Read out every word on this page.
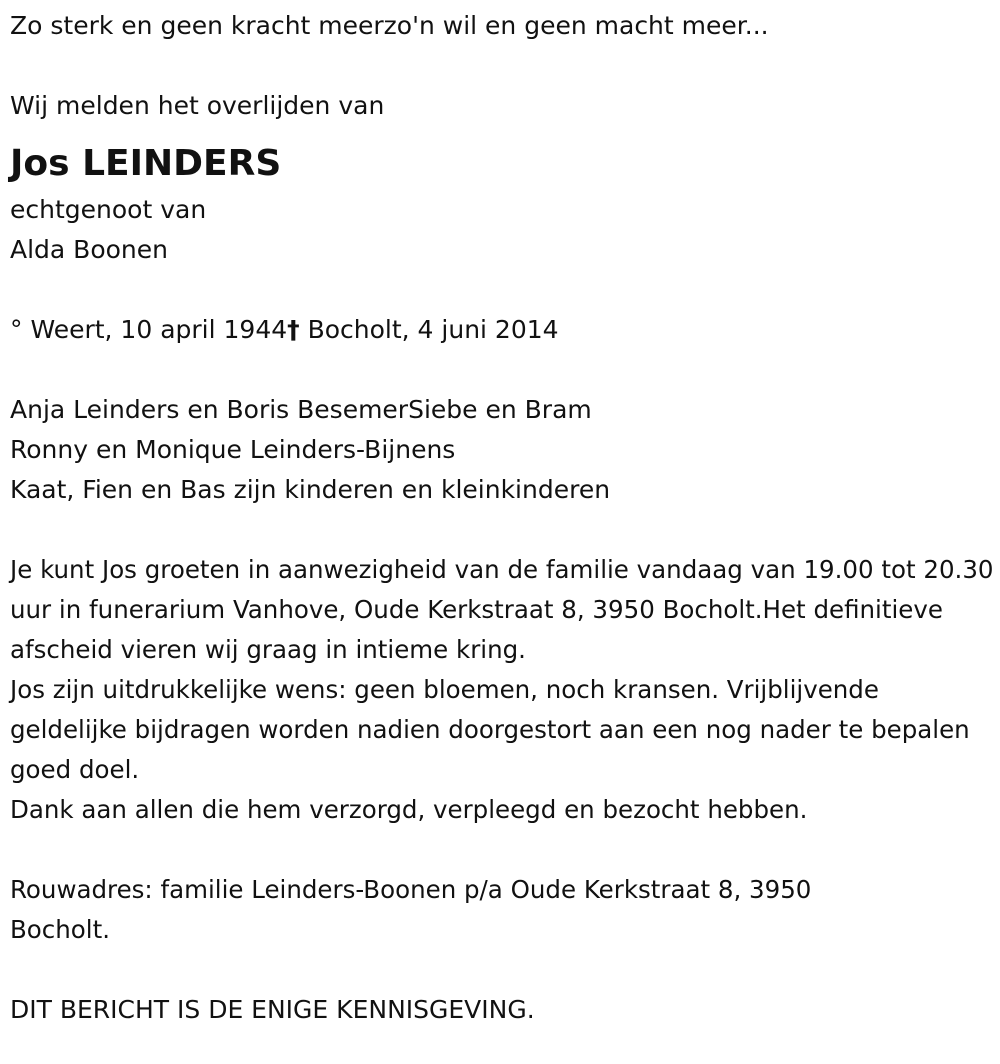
Zo sterk en geen kracht meerzo'n wil en geen macht meer...
Wij melden het overlijden van
Jos LEINDERS
echtgenoot van
Alda Boonen
° Weert, 10 april 1944† Bocholt, 4 juni 2014
Anja Leinders en Boris BesemerSiebe en Bram
Ronny en Monique Leinders-Bijnens
Kaat, Fien en Bas zijn kinderen en kleinkinderen
Je kunt Jos groeten in aanwezigheid van de familie vandaag van 19.00 tot 20.30 uur in funerarium Vanhove, Oude Kerkstraat 8, 3950 Bocholt.Het definitieve afscheid vieren wij graag in intieme kring.
Jos zijn uitdrukkelijke wens: geen bloemen, noch kransen. Vrijblijvende geldelijke bijdragen worden nadien doorgestort aan een nog nader te bepalen goed doel.
Dank aan allen die hem verzorgd, verpleegd en bezocht hebben.
Rouwadres: familie Leinders-Boonen p/a Oude Kerkstraat 8, 3950 Bocholt.
DIT BERICHT IS DE ENIGE KENNISGEVING.
